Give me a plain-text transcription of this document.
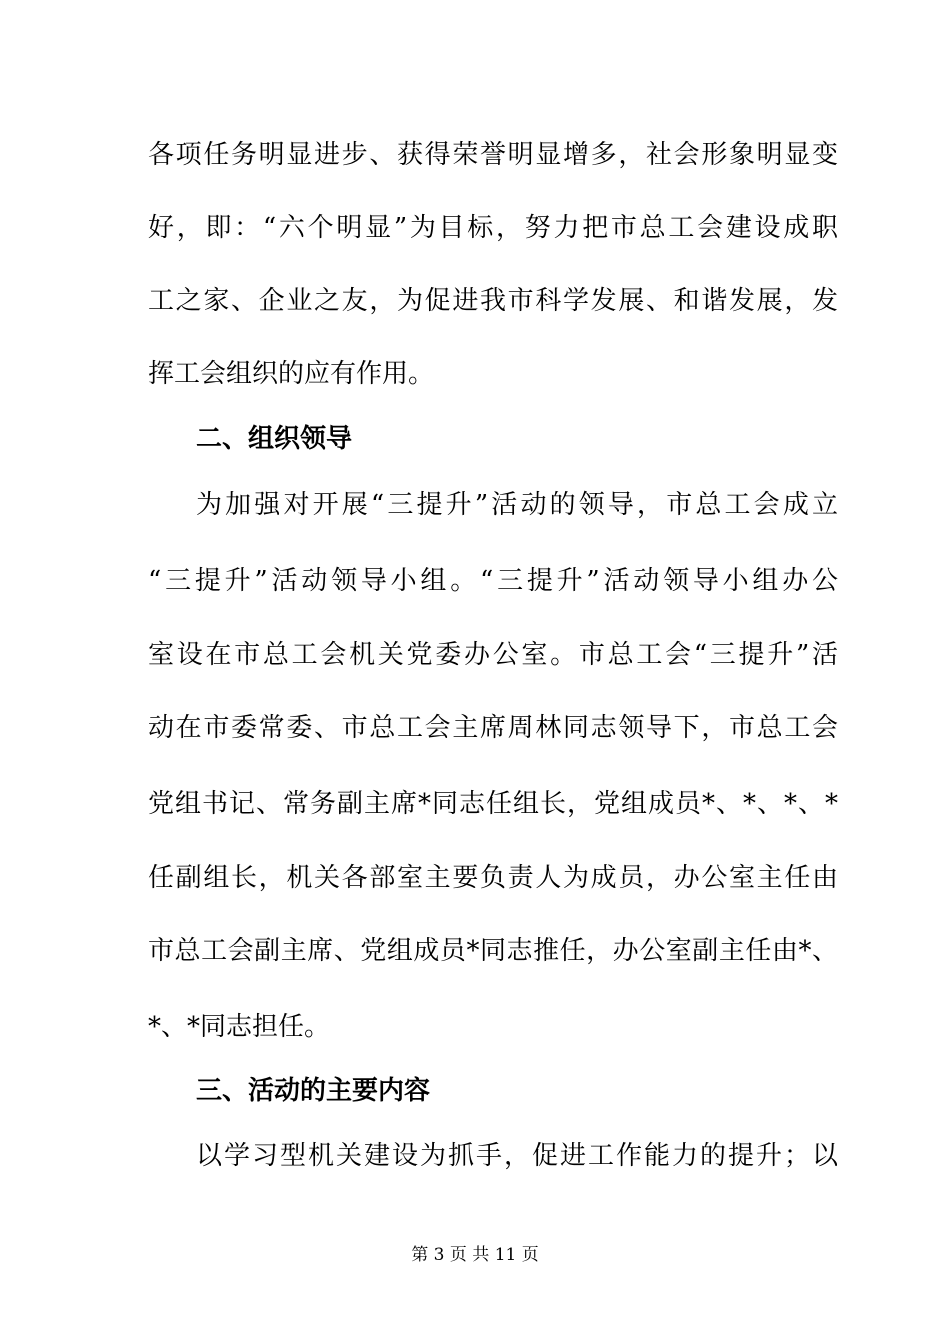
各项任务明显进步、获得荣誉明显增多，社会形象明显变
好，即：“六个明显”为目标，努力把市总工会建设成职
工之家、企业之友，为促进我市科学发展、和谐发展，发
挥工会组织的应有作用。
二、组织领导
为加强对开展“三提升”活动的领导，市总工会成立
“三提升”活动领导小组。“三提升”活动领导小组办公
室设在市总工会机关党委办公室。市总工会“三提升”活
动在市委常委、市总工会主席周林同志领导下，市总工会
党组书记、常务副主席*同志任组长，党组成员*、*、*、*
任副组长，机关各部室主要负责人为成员，办公室主任由
市总工会副主席、党组成员*同志推任，办公室副主任由*、
*、*同志担任。
三、活动的主要内容
以学习型机关建设为抓手，促进工作能力的提升；以
第 3 页 共 11 页
